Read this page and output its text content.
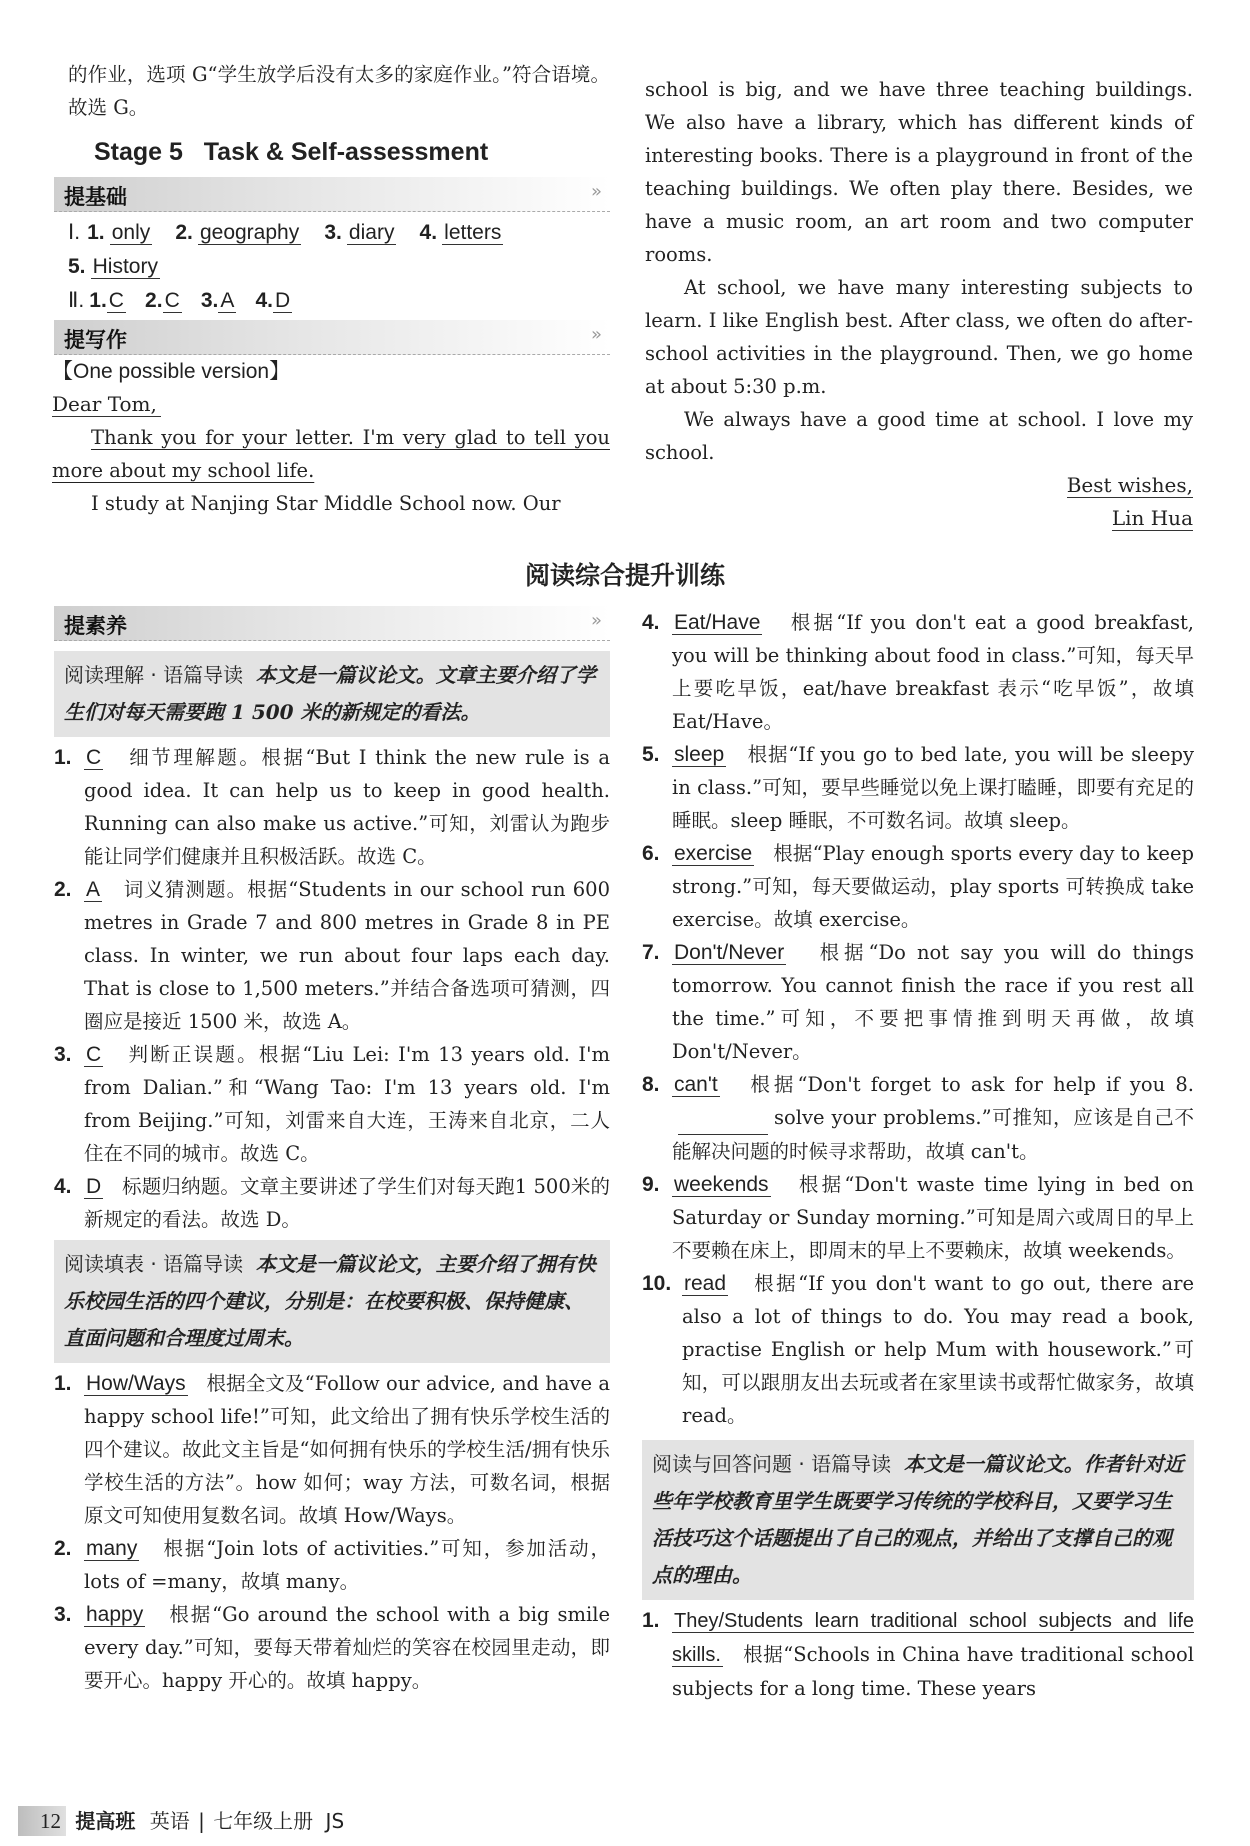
的作业，选项 G“学生放学后没有太多的家庭作业。”符合语境。故选 G。

Stage 5   Task & Self-assessment
提基础	»
Ⅰ. 1. only 2. geography 3. diary 4. letters
5. History
Ⅱ. 1.C 2.C 3.A 4.D
提写作	»
【One possible version】
Dear Tom,

Thank you for your letter. I'm very glad to tell you more about my school life.

I study at Nanjing Star Middle School now. Our

school is big, and we have three teaching buildings. We also have a library, which has different kinds of interesting books. There is a playground in front of the teaching buildings. We often play there. Besides, we have a music room, an art room and two computer rooms.

At school, we have many interesting subjects to learn. I like English best. After class, we often do after-school activities in the playground. Then, we go home at about 5:30 p.m.

We always have a good time at school. I love my school.

Best wishes,
Lin Hua
阅读综合提升训练
提素养	»
阅读理解 · 语篇导读 本文是一篇议论文。文章主要介绍了学生们对每天需要跑 1 500 米的新规定的看法。

1. C 细节理解题。根据“But I think the new rule is a good idea. It can help us to keep in good health. Running can also make us active.”可知，刘雷认为跑步能让同学们健康并且积极活跃。故选 C。

2. A 词义猜测题。根据“Students in our school run 600 metres in Grade 7 and 800 metres in Grade 8 in PE class. In winter, we run about four laps each day. That is close to 1,500 meters.”并结合备选项可猜测，四圈应是接近 1500 米，故选 A。

3. C 判断正误题。根据“Liu Lei: I'm 13 years old. I'm from Dalian.”和“Wang Tao: I'm 13 years old. I'm from Beijing.”可知，刘雷来自大连，王涛来自北京，二人住在不同的城市。故选 C。

4. D 标题归纳题。文章主要讲述了学生们对每天跑1 500米的新规定的看法。故选 D。

阅读填表 · 语篇导读 本文是一篇议论文，主要介绍了拥有快乐校园生活的四个建议，分别是：在校要积极、保持健康、直面问题和合理度过周末。

1. How/Ways 根据全文及“Follow our advice, and have a happy school life!”可知，此文给出了拥有快乐学校生活的四个建议。故此文主旨是“如何拥有快乐的学校生活/拥有快乐学校生活的方法”。how 如何；way 方法，可数名词，根据原文可知使用复数名词。故填 How/Ways。

2. many 根据“Join lots of activities.”可知，参加活动，lots of =many，故填 many。

3. happy 根据“Go around the school with a big smile every day.”可知，要每天带着灿烂的笑容在校园里走动，即要开心。happy 开心的。故填 happy。

4. Eat/Have 根据“If you don't eat a good breakfast, you will be thinking about food in class.”可知，每天早上要吃早饭，eat/have breakfast 表示“吃早饭”，故填 Eat/Have。

5. sleep 根据“If you go to bed late, you will be sleepy in class.”可知，要早些睡觉以免上课打瞌睡，即要有充足的睡眠。sleep 睡眠，不可数名词。故填 sleep。

6. exercise 根据“Play enough sports every day to keep strong.”可知，每天要做运动，play sports 可转换成 take exercise。故填 exercise。

7. Don't/Never 根据“Do not say you will do things tomorrow. You cannot finish the race if you rest all the time.”可知，不要把事情推到明天再做，故填 Don't/Never。

8. can't 根据“Don't forget to ask for help if you 8. solve your problems.”可推知，应该是自己不能解决问题的时候寻求帮助，故填 can't。

9. weekends 根据“Don't waste time lying in bed on Saturday or Sunday morning.”可知是周六或周日的早上不要赖在床上，即周末的早上不要赖床，故填 weekends。

10. read 根据“If you don't want to go out, there are also a lot of things to do. You may read a book, practise English or help Mum with housework.”可知，可以跟朋友出去玩或者在家里读书或帮忙做家务，故填 read。

阅读与回答问题 · 语篇导读 本文是一篇议论文。作者针对近些年学校教育里学生既要学习传统的学校科目，又要学习生活技巧这个话题提出了自己的观点，并给出了支撑自己的观点的理由。

1. They/Students learn traditional school subjects and life skills. 根据“Schools in China have traditional school subjects for a long time. These years

12 提高班 英语 | 七年级上册 JS
